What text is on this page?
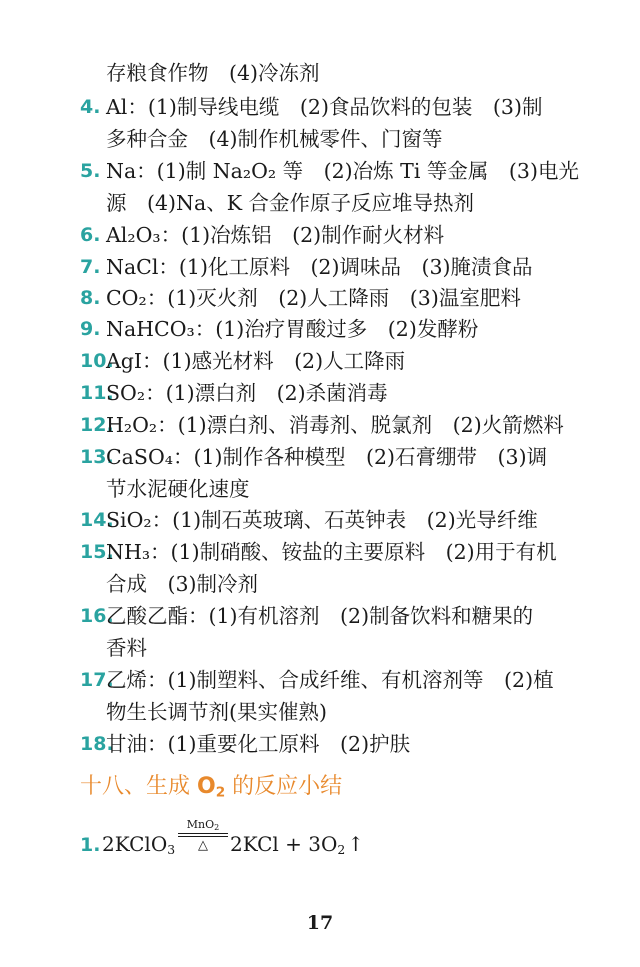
存粮食作物　(4)冷冻剂
4. Al：(1)制导线电缆　(2)食品饮料的包装　(3)制
多种合金　(4)制作机械零件、门窗等
5. Na：(1)制 Na₂O₂ 等　(2)冶炼 Ti 等金属　(3)电光
源　(4)Na、K 合金作原子反应堆导热剂
6. Al₂O₃：(1)冶炼铝　(2)制作耐火材料
7. NaCl：(1)化工原料　(2)调味品　(3)腌渍食品
8. CO₂：(1)灭火剂　(2)人工降雨　(3)温室肥料
9. NaHCO₃：(1)治疗胃酸过多　(2)发酵粉
10.
AgI：(1)感光材料　(2)人工降雨
11.
SO₂：(1)漂白剂　(2)杀菌消毒
12.
H₂O₂：(1)漂白剂、消毒剂、脱氯剂　(2)火箭燃料
13.
CaSO₄：(1)制作各种模型　(2)石膏绷带　(3)调
节水泥硬化速度
14.
SiO₂：(1)制石英玻璃、石英钟表　(2)光导纤维
15.
NH₃：(1)制硝酸、铵盐的主要原料　(2)用于有机
合成　(3)制冷剂
16.
乙酸乙酯：(1)有机溶剂　(2)制备饮料和糖果的
香料
17.
乙烯：(1)制塑料、合成纤维、有机溶剂等　(2)植
物生长调节剂(果实催熟)
18.
甘油：(1)重要化工原料　(2)护肤
十八、生成 $O_2$ 的反应小结
1. 2KClO$_3$
MnO$_2$
△	$2KCl + 3O_2$ ↑
17
